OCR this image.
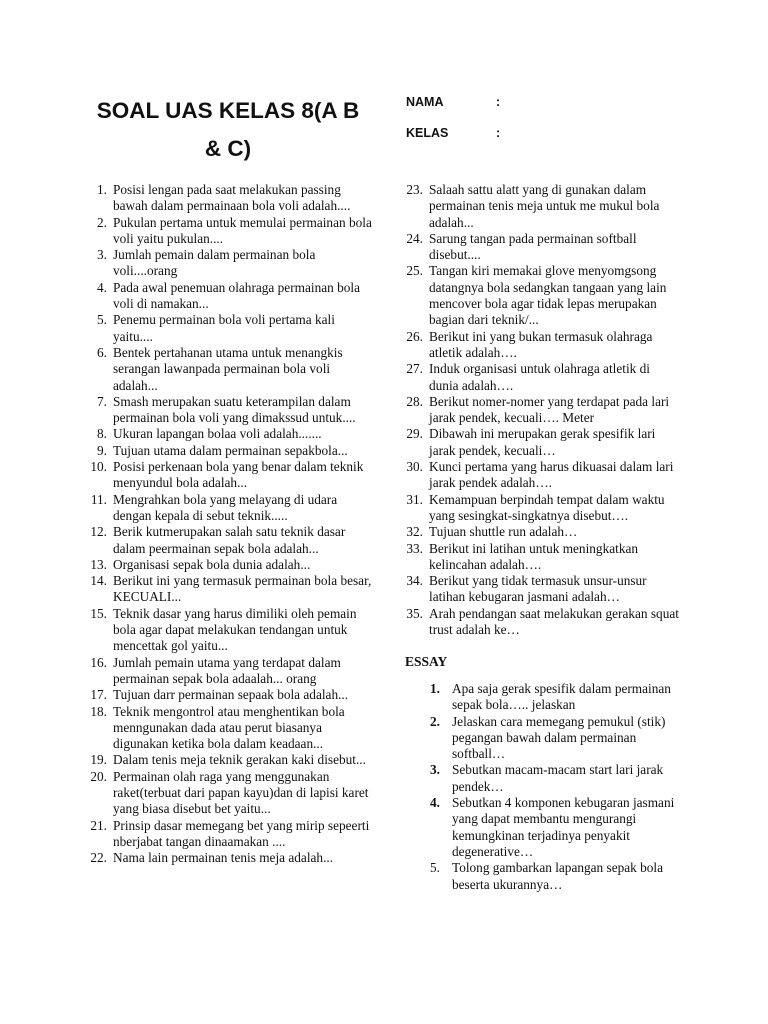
SOAL UAS KELAS 8(A B & C)
NAMA	:
KELAS	:
1. Posisi lengan pada saat melakukan passing bawah dalam permainaan bola voli adalah....
2. Pukulan pertama untuk memulai permainan bola voli yaitu pukulan....
3. Jumlah pemain dalam permainan bola voli....orang
4. Pada awal penemuan olahraga permainan bola voli di namakan...
5. Penemu permainan bola voli pertama kali yaitu....
6. Bentek pertahanan utama untuk menangkis serangan lawanpada permainan bola voli adalah...
7. Smash merupakan suatu keterampilan dalam permainan bola voli yang dimakssud untuk....
8. Ukuran lapangan bolaa voli adalah.......
9. Tujuan utama dalam permainan sepakbola...
10. Posisi perkenaan bola yang benar dalam teknik menyundul bola adalah...
11. Mengrahkan bola yang melayang di udara dengan kepala di sebut teknik.....
12. Berik kutmerupakan salah satu teknik dasar dalam peermainan sepak bola adalah...
13. Organisasi sepak bola dunia adalah...
14. Berikut ini yang termasuk permainan bola besar, KECUALI...
15. Teknik dasar yang harus dimiliki oleh pemain bola agar dapat melakukan tendangan untuk mencettak gol yaitu...
16. Jumlah pemain utama yang terdapat dalam permainan sepak bola adaalah... orang
17. Tujuan darr permainan sepaak bola adalah...
18. Teknik mengontrol atau menghentikan bola menngunakan dada atau perut biasanya digunakan ketika bola dalam keadaan...
19. Dalam tenis meja teknik gerakan kaki disebut...
20. Permainan olah raga yang menggunakan raket(terbuat dari papan kayu)dan di lapisi karet yang biasa disebut bet yaitu...
21. Prinsip dasar memegang bet yang mirip sepeerti nberjabat tangan dinaamakan ....
22. Nama lain permainan tenis meja adalah...
23. Salaah sattu alatt yang di gunakan dalam permainan tenis meja untuk me mukul bola adalah...
24. Sarung tangan pada permainan softball disebut....
25. Tangan kiri memakai glove menyomgsong datangnya bola sedangkan tangaan yang lain mencover bola agar tidak lepas merupakan bagian dari teknik/...
26. Berikut ini yang bukan termasuk olahraga atletik adalah….
27. Induk organisasi untuk olahraga atletik di dunia adalah….
28. Berikut nomer-nomer yang terdapat pada lari jarak pendek, kecuali…. Meter
29. Dibawah ini merupakan gerak spesifik lari jarak pendek, kecuali…
30. Kunci pertama yang harus dikuasai dalam lari jarak pendek adalah….
31. Kemampuan berpindah tempat dalam waktu yang sesingkat-singkatnya disebut….
32. Tujuan shuttle run adalah…
33. Berikut ini latihan untuk meningkatkan kelincahan adalah….
34. Berikut yang tidak termasuk unsur-unsur latihan kebugaran jasmani adalah…
35. Arah pendangan saat melakukan gerakan squat trust adalah ke…
ESSAY
1. Apa saja gerak spesifik dalam permainan sepak bola….. jelaskan
2. Jelaskan cara memegang pemukul (stik) pegangan bawah dalam permainan softball…
3. Sebutkan macam-macam start lari jarak pendek…
4. Sebutkan 4 komponen kebugaran jasmani yang dapat membantu mengurangi kemungkinan terjadinya penyakit degenerative…
5. Tolong gambarkan lapangan sepak bola beserta ukurannya…
